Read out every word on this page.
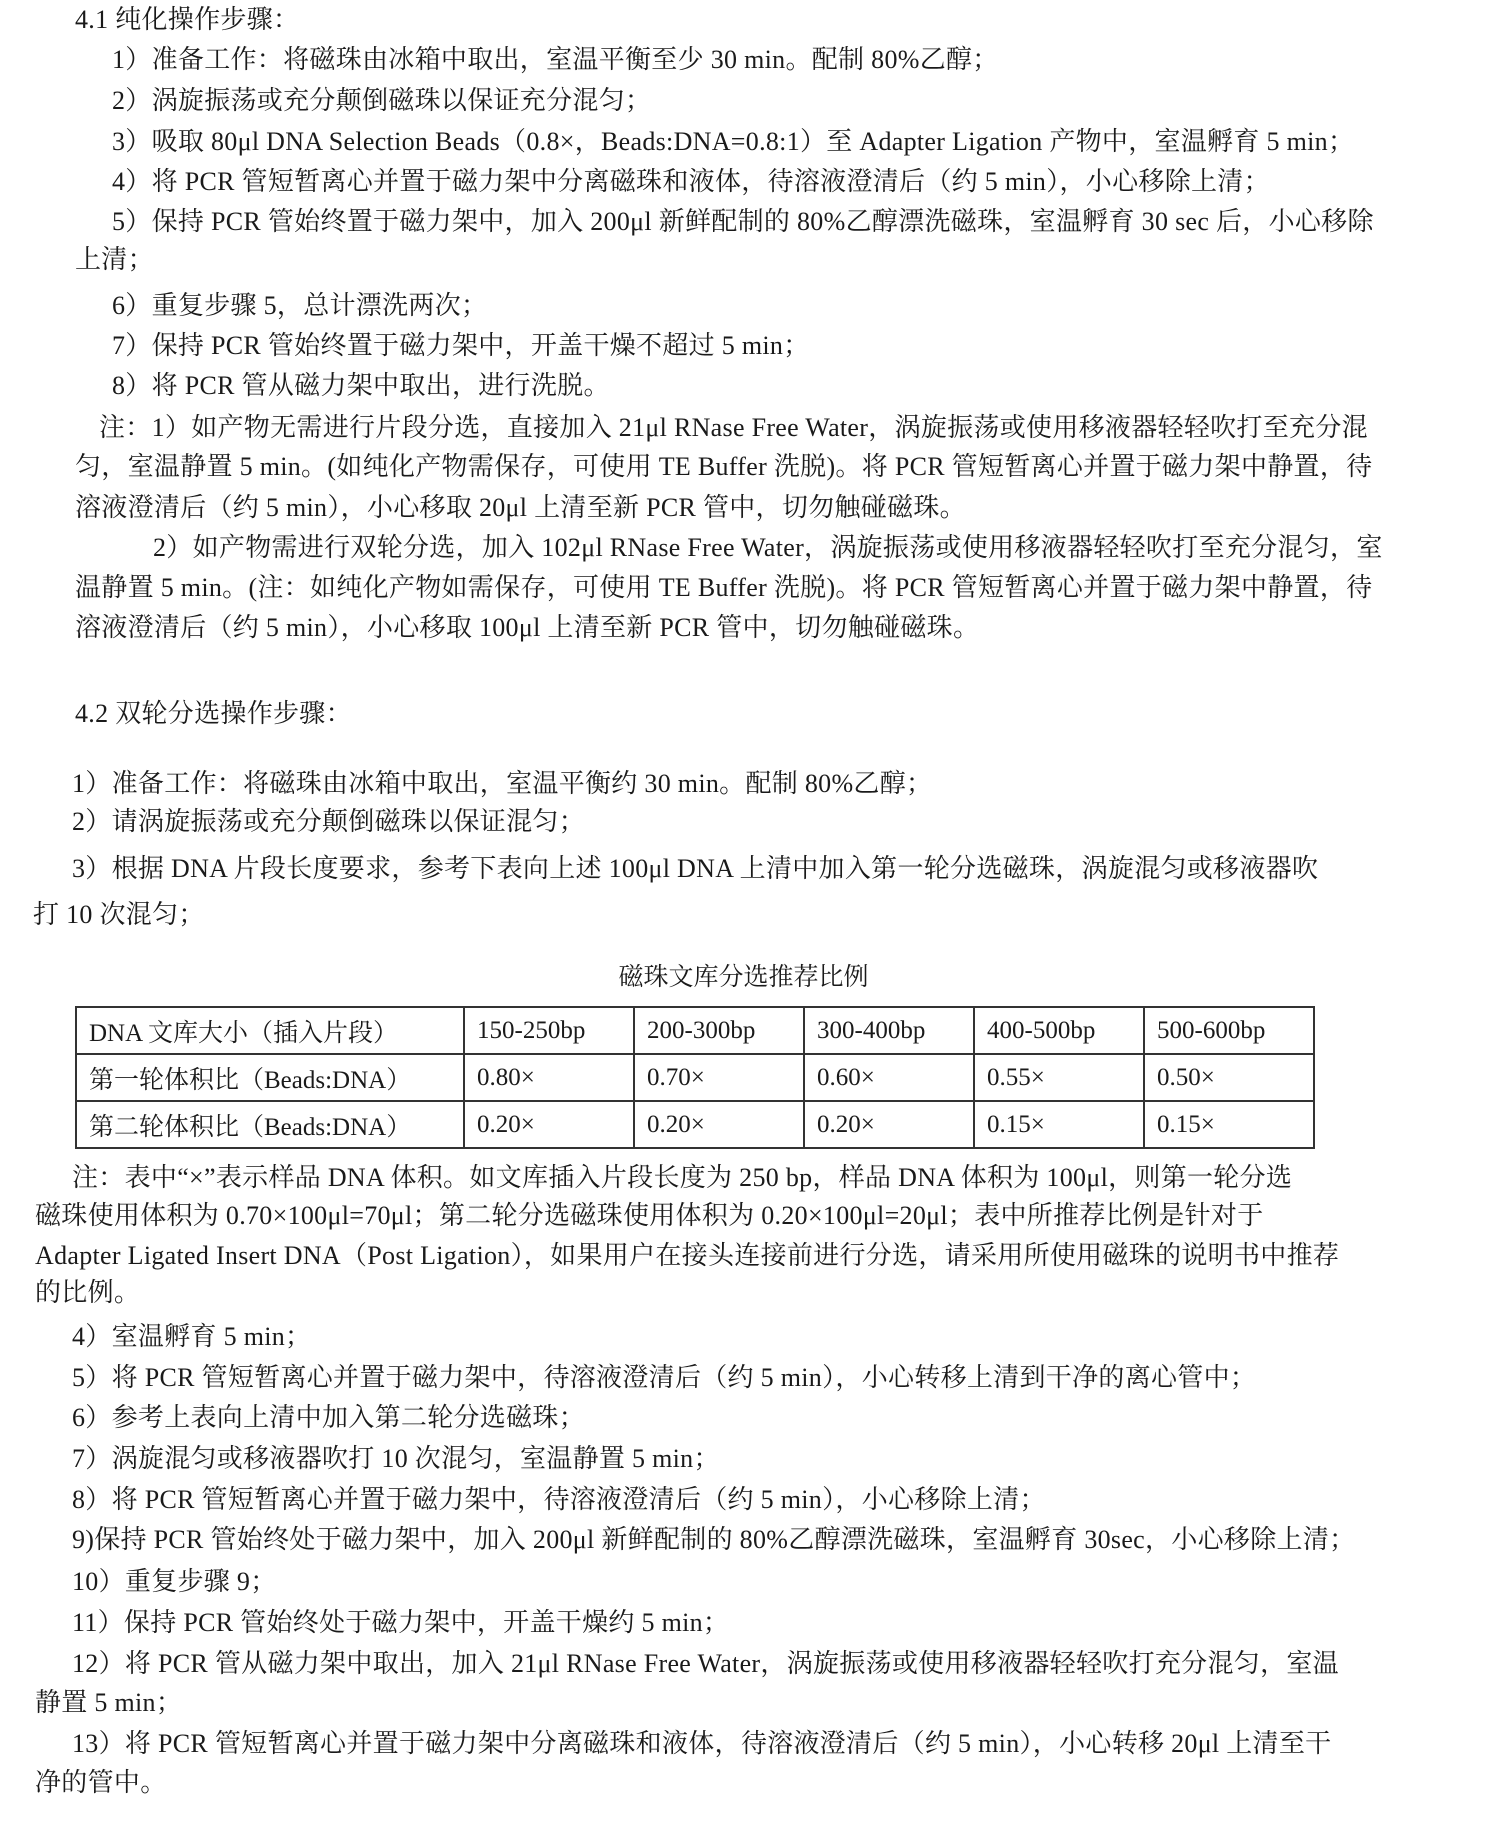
4.1 纯化操作步骤：
1）准备工作：将磁珠由冰箱中取出，室温平衡至少 30 min。配制 80%乙醇；
2）涡旋振荡或充分颠倒磁珠以保证充分混匀；
3）吸取 80μl DNA Selection Beads（0.8×，Beads:DNA=0.8:1）至 Adapter Ligation 产物中，室温孵育 5 min；
4）将 PCR 管短暂离心并置于磁力架中分离磁珠和液体，待溶液澄清后（约 5 min），小心移除上清；
5）保持 PCR 管始终置于磁力架中，加入 200μl 新鲜配制的 80%乙醇漂洗磁珠，室温孵育 30 sec 后，小心移除
上清；
6）重复步骤 5，总计漂洗两次；
7）保持 PCR 管始终置于磁力架中，开盖干燥不超过 5 min；
8）将 PCR 管从磁力架中取出，进行洗脱。
注：1）如产物无需进行片段分选，直接加入 21μl RNase Free Water，涡旋振荡或使用移液器轻轻吹打至充分混
匀，室温静置 5 min。(如纯化产物需保存，可使用 TE Buffer 洗脱)。将 PCR 管短暂离心并置于磁力架中静置，待
溶液澄清后（约 5 min），小心移取 20μl 上清至新 PCR 管中，切勿触碰磁珠。
2）如产物需进行双轮分选，加入 102μl RNase Free Water，涡旋振荡或使用移液器轻轻吹打至充分混匀，室
温静置 5 min。(注：如纯化产物如需保存，可使用 TE Buffer 洗脱)。将 PCR 管短暂离心并置于磁力架中静置，待
溶液澄清后（约 5 min），小心移取 100μl 上清至新 PCR 管中，切勿触碰磁珠。
4.2 双轮分选操作步骤：
1）准备工作：将磁珠由冰箱中取出，室温平衡约 30 min。配制 80%乙醇；
2）请涡旋振荡或充分颠倒磁珠以保证混匀；
3）根据 DNA 片段长度要求，参考下表向上述 100μl DNA 上清中加入第一轮分选磁珠，涡旋混匀或移液器吹
打 10 次混匀；
磁珠文库分选推荐比例
DNA 文库大小（插入片段）	150-250bp	200-300bp	300-400bp	400-500bp	500-600bp
第一轮体积比（Beads:DNA）	0.80×	0.70×	0.60×	0.55×	0.50×
第二轮体积比（Beads:DNA）	0.20×	0.20×	0.20×	0.15×	0.15×
注：表中“×”表示样品 DNA 体积。如文库插入片段长度为 250 bp，样品 DNA 体积为 100μl，则第一轮分选
磁珠使用体积为 0.70×100μl=70μl；第二轮分选磁珠使用体积为 0.20×100μl=20μl；表中所推荐比例是针对于
Adapter Ligated Insert DNA（Post Ligation），如果用户在接头连接前进行分选，请采用所使用磁珠的说明书中推荐
的比例。
4）室温孵育 5 min；
5）将 PCR 管短暂离心并置于磁力架中，待溶液澄清后（约 5 min），小心转移上清到干净的离心管中；
6）参考上表向上清中加入第二轮分选磁珠；
7）涡旋混匀或移液器吹打 10 次混匀，室温静置 5 min；
8）将 PCR 管短暂离心并置于磁力架中，待溶液澄清后（约 5 min），小心移除上清；
9)保持 PCR 管始终处于磁力架中，加入 200μl 新鲜配制的 80%乙醇漂洗磁珠，室温孵育 30sec，小心移除上清；
10）重复步骤 9；
11）保持 PCR 管始终处于磁力架中，开盖干燥约 5 min；
12）将 PCR 管从磁力架中取出，加入 21μl RNase Free Water，涡旋振荡或使用移液器轻轻吹打充分混匀，室温
静置 5 min；
13）将 PCR 管短暂离心并置于磁力架中分离磁珠和液体，待溶液澄清后（约 5 min），小心转移 20μl 上清至干
净的管中。
